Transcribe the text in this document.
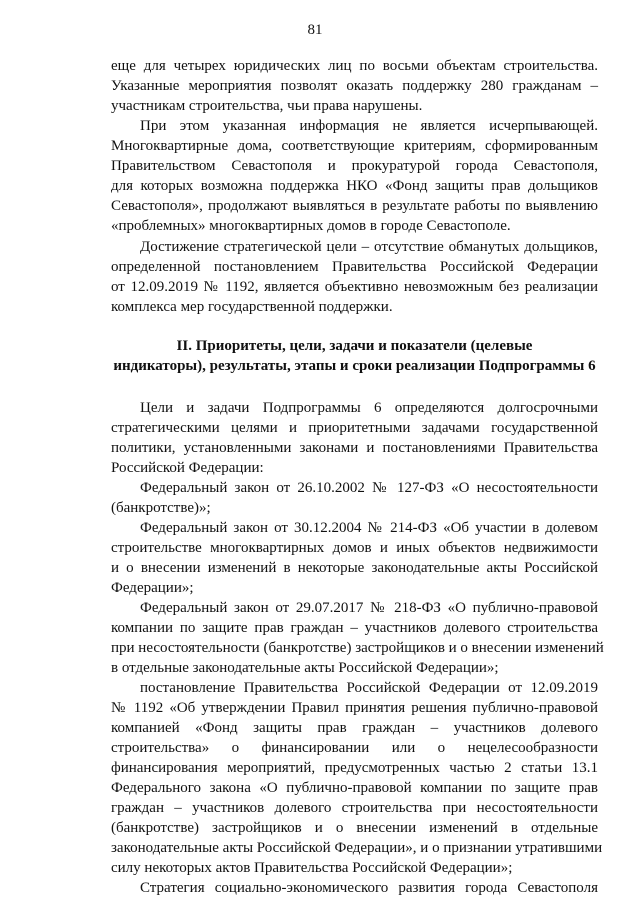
81
еще для четырех юридических лиц по восьми объектам строительства.
Указанные мероприятия позволят оказать поддержку 280 гражданам –
участникам строительства, чьи права нарушены.
При этом указанная информация не является исчерпывающей.
Многоквартирные дома, соответствующие критериям, сформированным
Правительством Севастополя и прокуратурой города Севастополя,
для которых возможна поддержка НКО «Фонд защиты прав дольщиков
Севастополя», продолжают выявляться в результате работы по выявлению
«проблемных» многоквартирных домов в городе Севастополе.
Достижение стратегической цели – отсутствие обманутых дольщиков,
определенной постановлением Правительства Российской Федерации
от 12.09.2019 № 1192, является объективно невозможным без реализации
комплекса мер государственной поддержки.
II. Приоритеты, цели, задачи и показатели (целевые
индикаторы), результаты, этапы и сроки реализации Подпрограммы 6
Цели и задачи Подпрограммы 6 определяются долгосрочными
стратегическими целями и приоритетными задачами государственной
политики, установленными законами и постановлениями Правительства
Российской Федерации:
Федеральный закон от 26.10.2002 № 127-ФЗ «О несостоятельности
(банкротстве)»;
Федеральный закон от 30.12.2004 № 214-ФЗ «Об участии в долевом
строительстве многоквартирных домов и иных объектов недвижимости
и о внесении изменений в некоторые законодательные акты Российской
Федерации»;
Федеральный закон от 29.07.2017 № 218-ФЗ «О публично-правовой
компании по защите прав граждан – участников долевого строительства
при несостоятельности (банкротстве) застройщиков и о внесении изменений
в отдельные законодательные акты Российской Федерации»;
постановление Правительства Российской Федерации от 12.09.2019
№ 1192 «Об утверждении Правил принятия решения публично-правовой
компанией «Фонд защиты прав граждан – участников долевого
строительства» о финансировании или о нецелесообразности
финансирования мероприятий, предусмотренных частью 2 статьи 13.1
Федерального закона «О публично-правовой компании по защите прав
граждан – участников долевого строительства при несостоятельности
(банкротстве) застройщиков и о внесении изменений в отдельные
законодательные акты Российской Федерации», и о признании утратившими
силу некоторых актов Правительства Российской Федерации»;
Стратегия социально-экономического развития города Севастополя
